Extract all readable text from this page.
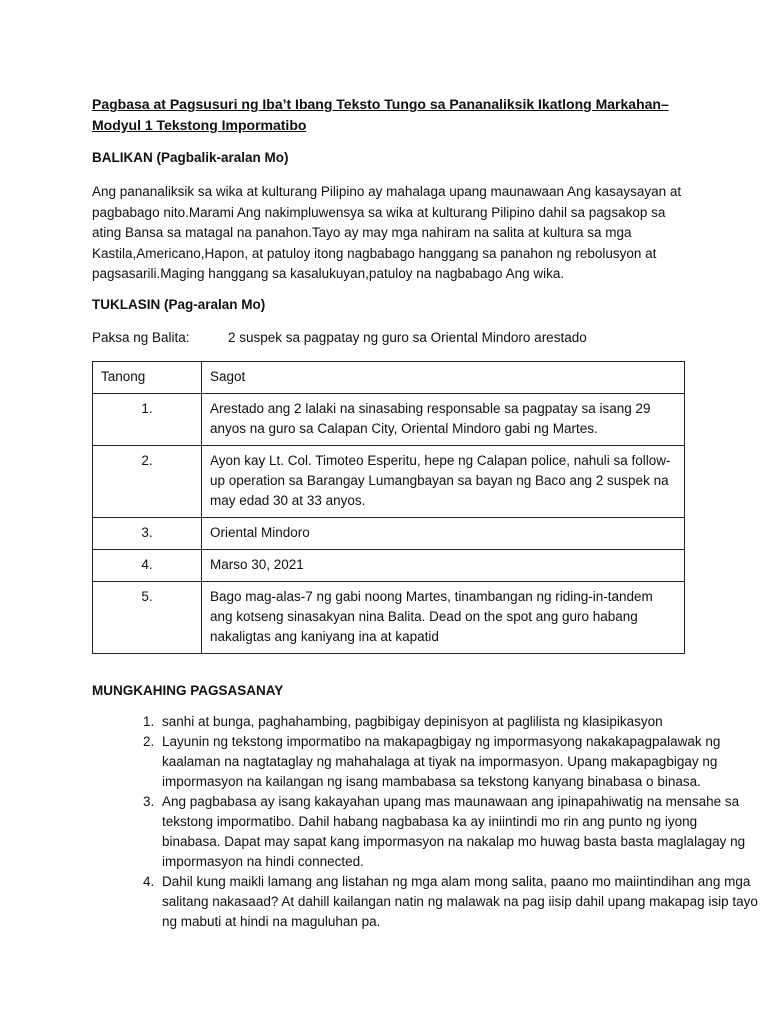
Pagbasa at Pagsusuri ng Iba’t Ibang Teksto Tungo sa Pananaliksik Ikatlong Markahan– Modyul 1 Tekstong Impormatibo
BALIKAN (Pagbalik-aralan Mo)
Ang pananaliksik sa wika at kulturang Pilipino ay mahalaga upang maunawaan Ang kasaysayan at pagbabago nito.Marami Ang nakimpluwensya sa wika at kulturang Pilipino dahil sa pagsakop sa ating Bansa sa matagal na panahon.Tayo ay may mga nahiram na salita at kultura sa mga Kastila,Americano,Hapon, at patuloy itong nagbabago hanggang sa panahon ng rebolusyon at pagsasarili.Maging hanggang sa kasalukuyan,patuloy na nagbabago Ang wika.
TUKLASIN (Pag-aralan Mo)
Paksa ng Balita:	2 suspek sa pagpatay ng guro sa Oriental Mindoro arestado
Tanong	Sagot
1.	Arestado ang 2 lalaki na sinasabing responsable sa pagpatay sa isang 29 anyos na guro sa Calapan City, Oriental Mindoro gabi ng Martes.
2.	Ayon kay Lt. Col. Timoteo Esperitu, hepe ng Calapan police, nahuli sa follow-up operation sa Barangay Lumangbayan sa bayan ng Baco ang 2 suspek na may edad 30 at 33 anyos.
3.	Oriental Mindoro
4.	Marso 30, 2021
5.	Bago mag-alas-7 ng gabi noong Martes, tinambangan ng riding-in-tandem ang kotseng sinasakyan nina Balita. Dead on the spot ang guro habang nakaligtas ang kaniyang ina at kapatid
MUNGKAHING PAGSASANAY
1. sanhi at bunga, paghahambing, pagbibigay depinisyon at paglilista ng klasipikasyon
2. Layunin ng tekstong impormatibo na makapagbigay ng impormasyong nakakapagpalawak ng kaalaman na nagtataglay ng mahahalaga at tiyak na impormasyon. Upang makapagbigay ng impormasyon na kailangan ng isang mambabasa sa tekstong kanyang binabasa o binasa.
3. Ang pagbabasa ay isang kakayahan upang mas maunawaan ang ipinapahiwatig na mensahe sa tekstong impormatibo. Dahil habang nagbabasa ka ay iniintindi mo rin ang punto ng iyong binabasa. Dapat may sapat kang impormasyon na nakalap mo huwag basta basta maglalagay ng impormasyon na hindi connected.
4. Dahil kung maikli lamang ang listahan ng mga alam mong salita, paano mo maiintindihan ang mga salitang nakasaad? At dahill kailangan natin ng malawak na pag iisip dahil upang makapag isip tayo ng mabuti at hindi na maguluhan pa.
